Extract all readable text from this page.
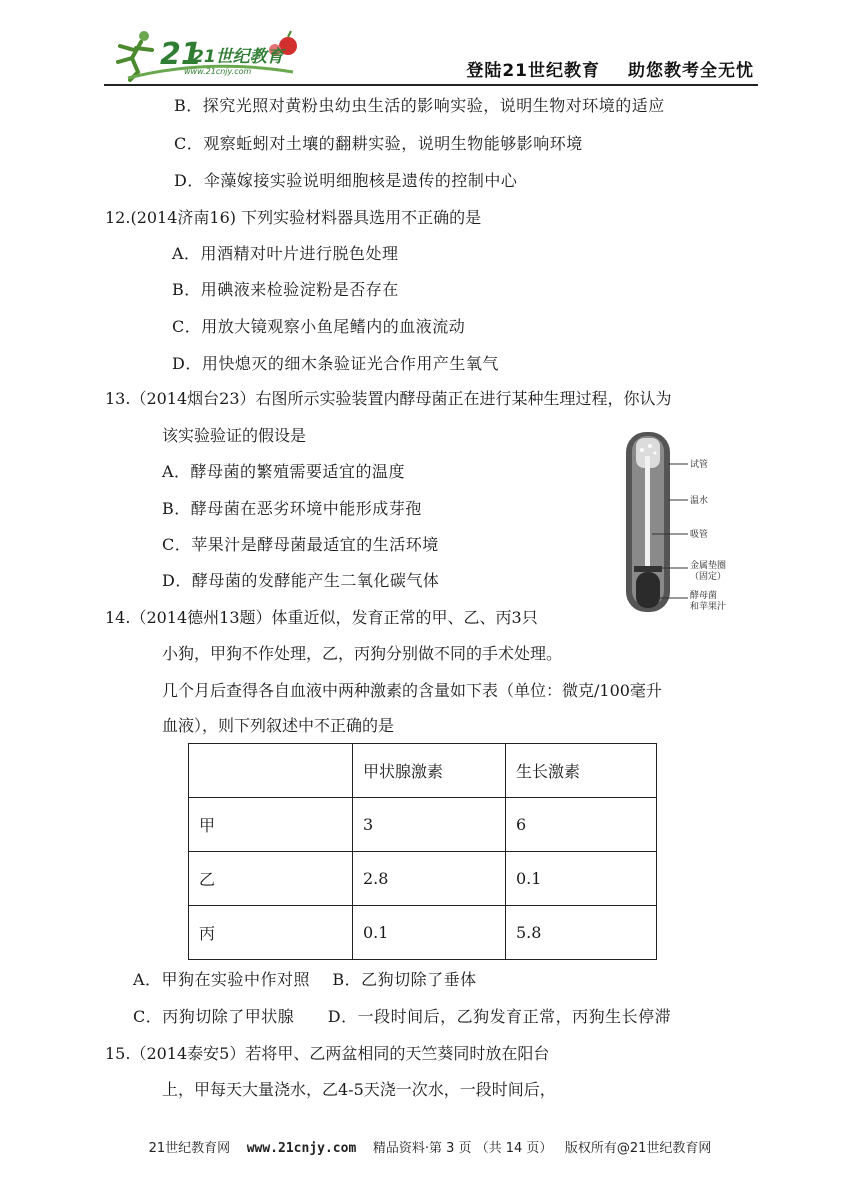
21
21世纪教育
www.21cnjy.com	登陆21世纪教育 助您教考全无忧
B．探究光照对黄粉虫幼虫生活的影响实验，说明生物对环境的适应
C．观察蚯蚓对土壤的翻耕实验，说明生物能够影响环境
D．伞藻嫁接实验说明细胞核是遗传的控制中心
12.(2014济南16) 下列实验材料器具选用不正确的是
A．用酒精对叶片进行脱色处理
B．用碘液来检验淀粉是否存在
C．用放大镜观察小鱼尾鳍内的血液流动
D．用快熄灭的细木条验证光合作用产生氧气
13.（2014烟台23）右图所示实验装置内酵母菌正在进行某种生理过程，你认为
该实验验证的假设是
A．酵母菌的繁殖需要适宜的温度
B．酵母菌在恶劣环境中能形成芽孢
C．苹果汁是酵母菌最适宜的生活环境
D．酵母菌的发酵能产生二氧化碳气体
试管
温水
吸管
金属垫圈
（固定）
酵母菌
和苹果汁
14.（2014德州13题）体重近似，发育正常的甲、乙、丙3只
小狗，甲狗不作处理，乙，丙狗分别做不同的手术处理。
几个月后查得各自血液中两种激素的含量如下表（单位：微克/100毫升
血液），则下列叙述中不正确的是
	甲状腺激素	生长激素
甲	3	6
乙	2.8	0.1
丙	0.1	5.8
A．甲狗在实验中作对照    B．乙狗切除了垂体
C．丙狗切除了甲状腺      D．一段时间后，乙狗发育正常，丙狗生长停滞
15.（2014泰安5）若将甲、乙两盆相同的天竺葵同时放在阳台
上，甲每天大量浇水，乙4-5天浇一次水，一段时间后，
21世纪教育网 www.21cnjy.com 精品资料·第 3 页 （共 14 页） 版权所有@21世纪教育网
